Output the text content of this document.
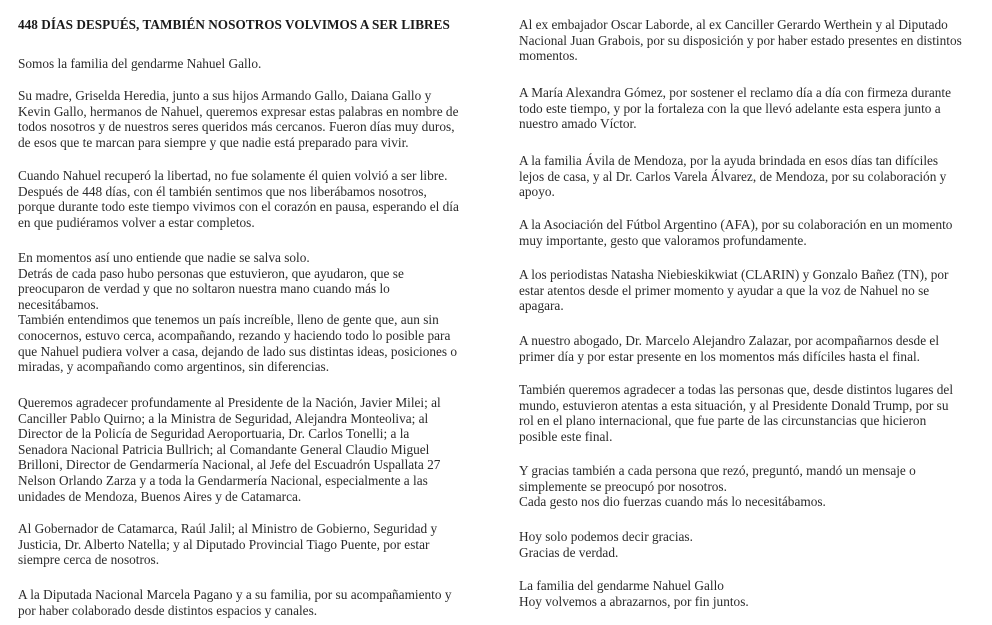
448 DÍAS DESPUÉS, TAMBIÉN NOSOTROS VOLVIMOS A SER LIBRES

Somos la familia del gendarme Nahuel Gallo.

Su madre, Griselda Heredia, junto a sus hijos Armando Gallo, Daiana Gallo y
Kevin Gallo, hermanos de Nahuel, queremos expresar estas palabras en nombre de
todos nosotros y de nuestros seres queridos más cercanos. Fueron días muy duros,
de esos que te marcan para siempre y que nadie está preparado para vivir.

Cuando Nahuel recuperó la libertad, no fue solamente él quien volvió a ser libre.
Después de 448 días, con él también sentimos que nos liberábamos nosotros,
porque durante todo este tiempo vivimos con el corazón en pausa, esperando el día
en que pudiéramos volver a estar completos.

En momentos así uno entiende que nadie se salva solo.
Detrás de cada paso hubo personas que estuvieron, que ayudaron, que se
preocuparon de verdad y que no soltaron nuestra mano cuando más lo
necesitábamos.
También entendimos que tenemos un país increíble, lleno de gente que, aun sin
conocernos, estuvo cerca, acompañando, rezando y haciendo todo lo posible para
que Nahuel pudiera volver a casa, dejando de lado sus distintas ideas, posiciones o
miradas, y acompañando como argentinos, sin diferencias.

Queremos agradecer profundamente al Presidente de la Nación, Javier Milei; al
Canciller Pablo Quirno; a la Ministra de Seguridad, Alejandra Monteoliva; al
Director de la Policía de Seguridad Aeroportuaria, Dr. Carlos Tonelli; a la
Senadora Nacional Patricia Bullrich; al Comandante General Claudio Miguel
Brilloni, Director de Gendarmería Nacional, al Jefe del Escuadrón Uspallata 27
Nelson Orlando Zarza y a toda la Gendarmería Nacional, especialmente a las
unidades de Mendoza, Buenos Aires y de Catamarca.

Al Gobernador de Catamarca, Raúl Jalil; al Ministro de Gobierno, Seguridad y
Justicia, Dr. Alberto Natella; y al Diputado Provincial Tiago Puente, por estar
siempre cerca de nosotros.

A la Diputada Nacional Marcela Pagano y a su familia, por su acompañamiento y
por haber colaborado desde distintos espacios y canales.

Al ex embajador Oscar Laborde, al ex Canciller Gerardo Werthein y al Diputado
Nacional Juan Grabois, por su disposición y por haber estado presentes en distintos
momentos.

A María Alexandra Gómez, por sostener el reclamo día a día con firmeza durante
todo este tiempo, y por la fortaleza con la que llevó adelante esta espera junto a
nuestro amado Víctor.

A la familia Ávila de Mendoza, por la ayuda brindada en esos días tan difíciles
lejos de casa, y al Dr. Carlos Varela Álvarez, de Mendoza, por su colaboración y
apoyo.

A la Asociación del Fútbol Argentino (AFA), por su colaboración en un momento
muy importante, gesto que valoramos profundamente.

A los periodistas Natasha Niebieskikwiat (CLARIN) y Gonzalo Bañez (TN), por
estar atentos desde el primer momento y ayudar a que la voz de Nahuel no se
apagara.

A nuestro abogado, Dr. Marcelo Alejandro Zalazar, por acompañarnos desde el
primer día y por estar presente en los momentos más difíciles hasta el final.

También queremos agradecer a todas las personas que, desde distintos lugares del
mundo, estuvieron atentas a esta situación, y al Presidente Donald Trump, por su
rol en el plano internacional, que fue parte de las circunstancias que hicieron
posible este final.

Y gracias también a cada persona que rezó, preguntó, mandó un mensaje o
simplemente se preocupó por nosotros.
Cada gesto nos dio fuerzas cuando más lo necesitábamos.

Hoy solo podemos decir gracias.
Gracias de verdad.

La familia del gendarme Nahuel Gallo
Hoy volvemos a abrazarnos, por fin juntos.
